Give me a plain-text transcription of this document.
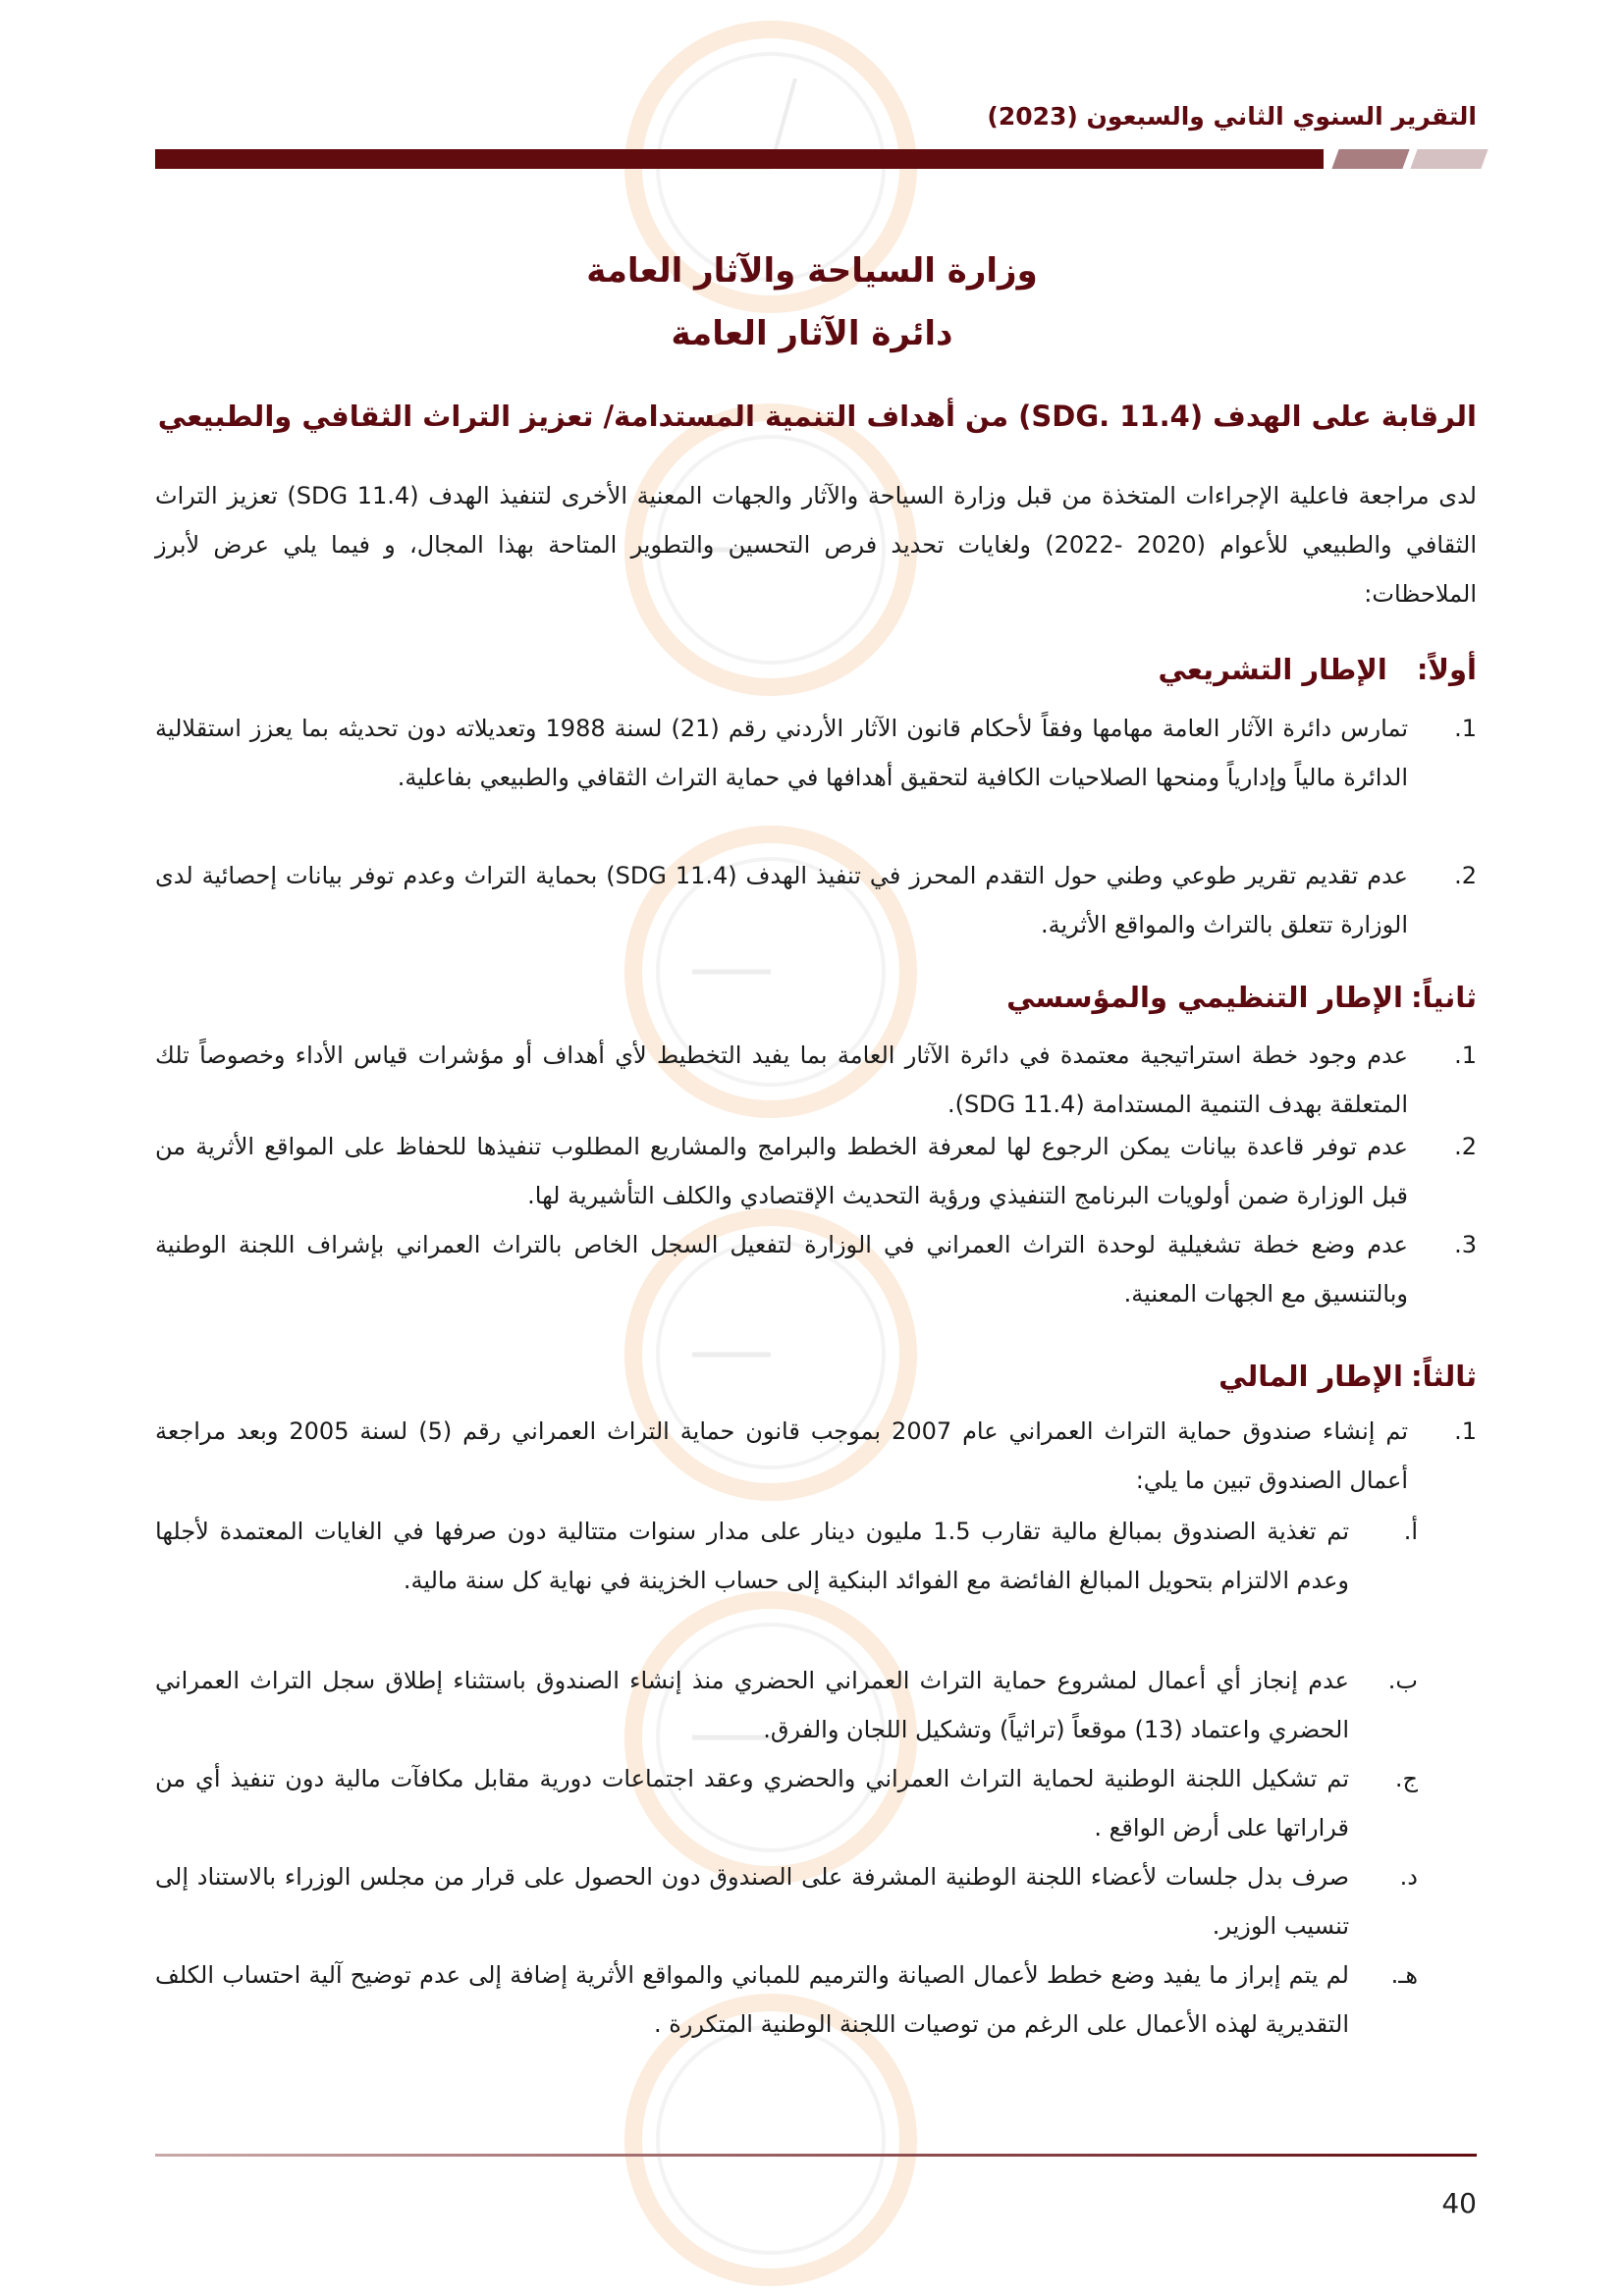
التقرير السنوي الثاني والسبعون (2023)
وزارة السياحة والآثار العامة
دائرة الآثار العامة
الرقابة على الهدف (SDG. 11.4) من أهداف التنمية المستدامة/ تعزيز التراث الثقافي والطبيعي
لدى مراجعة فاعلية الإجراءات المتخذة من قبل وزارة السياحة والآثار والجهات المعنية الأخرى لتنفيذ الهدف (SDG 11.4) تعزيز التراث الثقافي والطبيعي للأعوام (2020 -2022) ولغايات تحديد فرص التحسين والتطوير المتاحة بهذا المجال، و فيما يلي عرض لأبرز الملاحظات:
أولاً:الإطار التشريعي
1.
تمارس دائرة الآثار العامة مهامها وفقاً لأحكام قانون الآثار الأردني رقم (21) لسنة 1988 وتعديلاته دون تحديثه بما يعزز استقلالية الدائرة مالياً وإدارياً ومنحها الصلاحيات الكافية لتحقيق أهدافها في حماية التراث الثقافي والطبيعي بفاعلية.
2.
عدم تقديم تقرير طوعي وطني حول التقدم المحرز في تنفيذ الهدف (SDG 11.4) بحماية التراث وعدم توفر بيانات إحصائية لدى الوزارة تتعلق بالتراث والمواقع الأثرية.
ثانياً:الإطار التنظيمي والمؤسسي
1.
عدم وجود خطة استراتيجية معتمدة في دائرة الآثار العامة بما يفيد التخطيط لأي أهداف أو مؤشرات قياس الأداء وخصوصاً تلك المتعلقة بهدف التنمية المستدامة (SDG 11.4).
2.
عدم توفر قاعدة بيانات يمكن الرجوع لها لمعرفة الخطط والبرامج والمشاريع المطلوب تنفيذها للحفاظ على المواقع الأثرية من قبل الوزارة ضمن أولويات البرنامج التنفيذي ورؤية التحديث الإقتصادي والكلف التأشيرية لها.
3.
عدم وضع خطة تشغيلية لوحدة التراث العمراني في الوزارة لتفعيل السجل الخاص بالتراث العمراني بإشراف اللجنة الوطنية وبالتنسيق مع الجهات المعنية.
ثالثاً:الإطار المالي
1.
تم إنشاء صندوق حماية التراث العمراني عام 2007 بموجب قانون حماية التراث العمراني رقم (5) لسنة 2005 وبعد مراجعة أعمال الصندوق تبين ما يلي:
أ.
تم تغذية الصندوق بمبالغ مالية تقارب 1.5 مليون دينار على مدار سنوات متتالية دون صرفها في الغايات المعتمدة لأجلها وعدم الالتزام بتحويل المبالغ الفائضة مع الفوائد البنكية إلى حساب الخزينة في نهاية كل سنة مالية.
ب.
عدم إنجاز أي أعمال لمشروع حماية التراث العمراني الحضري منذ إنشاء الصندوق باستثناء إطلاق سجل التراث العمراني الحضري واعتماد (13) موقعاً (تراثياً) وتشكيل اللجان والفرق.
ج.
تم تشكيل اللجنة الوطنية لحماية التراث العمراني والحضري وعقد اجتماعات دورية مقابل مكافآت مالية دون تنفيذ أي من قراراتها على أرض الواقع .
د.
صرف بدل جلسات لأعضاء اللجنة الوطنية المشرفة على الصندوق دون الحصول على قرار من مجلس الوزراء بالاستناد إلى تنسيب الوزير.
هـ.
لم يتم إبراز ما يفيد وضع خطط لأعمال الصيانة والترميم للمباني والمواقع الأثرية إضافة إلى عدم توضيح آلية احتساب الكلف التقديرية لهذه الأعمال على الرغم من توصيات اللجنة الوطنية المتكررة .
40
